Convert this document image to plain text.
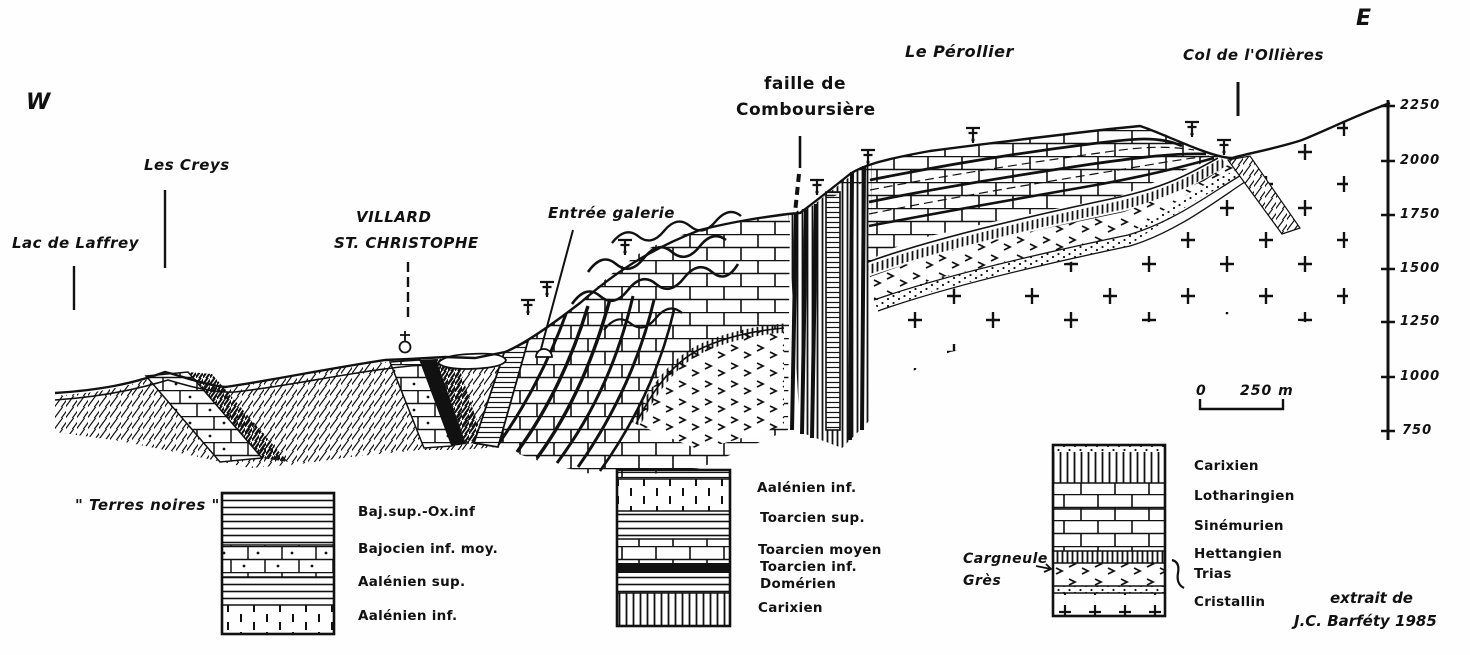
W
E
Lac de Laffrey
Les Creys
VILLARD
ST. CHRISTOPHE
Entrée galerie
faille de
Comboursière
Le Pérollier	Col de l'Ollières
2250
2000
1750
1500
1250
1000
750
0 250 m
" Terres noires "	Baj.sup.-Ox.inf
Bajocien inf. moy.
Aalénien sup.
Aalénien inf.
Aalénien inf.
Toarcien sup.
Toarcien moyen
Toarcien inf.
Domérien
Carixien
Carixien
Lotharingien
Sinémurien
Hettangien
Trias
Cristallin
Cargneule
Grès
extrait de
J.C. Barféty 1985
